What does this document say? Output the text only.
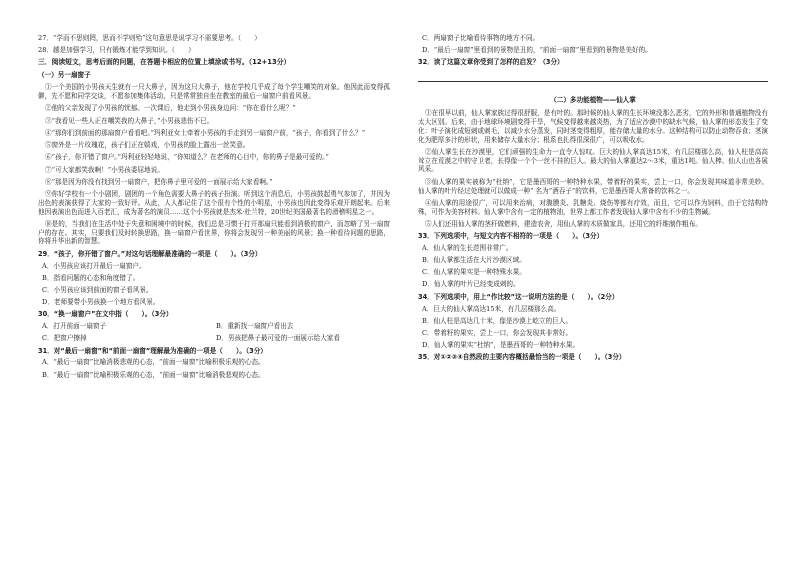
27．“学而不思则罔，思而不学则殆”这句意思是说学习不需要思考。（　　）

28．越是加强学习，只有锻炼才能学到知识。（　　）

三．阅读短文，思考后面的问题，在答题卡相应的位置上填涂或书写。（12+13分）

（一）另一扇窗子

①一个美国的小男孩天生就有一只大鼻子，因为这只大鼻子，他在学校几乎成了每个学生嘲笑的对象。他因此而变得孤僻，先不愿和同学交谈，不愿参加集体活动，只是常常独自坐在教室的最后一扇窗户前看风景。

②他的父亲发现了小男孩的忧郁。一次课后，他走到小男孩身边问：“你在看什么呢？”

③“我看见一些人正在嘲笑我的大鼻子，”小男孩悲伤不已。

④“那你们到前面的那扇窗户看看吧。”玛利亚女士牵着小男孩的手走到另一扇窗户前，“孩子，你看到了什么？”

⑤窗外是一片玫瑰花，孩子们正在嬉戏，小男孩的脸上露出一丝笑意。

⑥“孩子，你开错了窗户。”玛利亚轻轻地说，“你知道么？在老师的心目中，你的鼻子是最可爱的。”

⑦“可大家都笑我啊！”小男孩委屈地说。

⑧“那是因为你没有找到另一扇窗户，把你鼻子里可爱的一面展示给大家看啊。”

⑨你好学校有一个小剧团，剧团的一个角色需要大鼻子的孩子扮演。听到这个消息后，小男孩鼓起勇气参加了，并因为出色的表演获得了大家的一致好评。从此，人人都记住了这个很有个性的小明星，小男孩也因此变得乐观开朗起来。后来他因表演出色而进入百老汇，成为著名的演员……这个小男孩就是杰米·杜兰特，20世纪美国最著名的滑稽明星之一。

⑩是的，当我们在生活中处于失意和困境中的时候，我们总是习惯于打开那扇只能看到消极的窗户，而忽略了另一扇窗户的存在。其实，只要我们及时转换思路，换一扇窗户看世界，你将会发现另一种美丽的风景；换一种看待问题的思路，你将升华出新的智慧。

29．“孩子，你开错了窗户。”对这句话理解最准确的一项是（　　）。（3分）

A．小男孩应该打开最后一扇窗户。

B．指看问题的心态和角度错了。

C．小男孩应该到前面的窗子看风景。

D．老师要带小男孩换一个地方看风景。

30．“换一扇窗户”在文中指（　　）。（3分）

A．打开前面一扇窗子	B．重新找一扇窗户看出去

C．把窗户擦掉	D．男孩把鼻子最可爱的一面展示给大家看

31．对“最后一扇窗”和“前面一扇窗”理解最为准确的一项是（　　）。（3分）

A．“最后一扇窗”比喻消极悲观的心态，“前面一扇窗”比喻积极乐观的心态。

B．“最后一扇窗”比喻积极乐观的心态，“前面一扇窗”比喻消极悲观的心态。

C．两扇窗子比喻看待事物的地方不同。

D．“最后一扇窗”里看到的景物是丑的，“前面一扇窗”里看到的景物是美好的。

32．读了这篇文章你受到了怎样的启发？（3分）

（二）多功能植物——仙人掌

①在很早以前，仙人掌家族过得很舒服，是有叶的。那时候的仙人掌的生长环境没那么恶劣，它的外形和普通植物没有太大区别。后来，由于地球环境剧变得干旱，气候变得越来越炎热，为了适应沙漠中的缺水气候，仙人掌的形态发生了变化：叶子演化成短刺或刺毛，以减少水分蒸发，同时茎变得粗厚，能存储大量的水分。这种结构可以防止动物吞食；茎演化为肥厚多汁的形状，用来储存大量水分；根系也扎得很深很广，可以吸收水。

②仙人掌生长在沙漠里，它们顽强的生命力一直令人惊叹。巨大的仙人掌高达15米，有几层楼那么高，仙人柱是高高耸立在荒漠之中的守卫者，长得像一个个一丝不挂的巨人。最大的仙人掌重达2～3米，重达1吨。仙人棒、仙人山也各展风采。

③仙人掌的果实被称为“杜纳”，它是墨西哥的一种特种水果，带着籽的果实，尝上一口，你会发现其味道非常美妙。仙人掌的叶片经过处理就可以做成一种“ 名为“酒吞子”的饮料，它是墨西哥人常备的饮料之一。

④仙人掌的用途很广，可以用来治病，对腹膜炎、乳糖炎、烧伤等都有疗效，而且，它可以作为饲料，由于它结构特殊，可作为美容材料。仙人掌中含有一定的植物油，世界上都工作者发现仙人掌中含有不少的生物碱。

⑤人们还用仙人掌的茎秆做燃料，建造农舍，用仙人掌的木质做家具，还用它的纤维制作粗布。

33．下列选项中，与短文内容不相符的一项是（　　）。（3分）

A．仙人掌的生长范围非常广。

B．仙人掌都生活在大片沙漠区域。

C．仙人掌的果实是一种特殊水果。

D．仙人掌的叶片已经变成刺的。

34．下列选项中，用上“作比较”这一说明方法的是（　　）。（2分）

A．巨大的仙人掌高达15米，有几层楼那么高。

B．仙人柱是高达几十米，像是沙漠上屹立的巨人。

C．带着籽的果实，尝上一口，你会发现其非常好。

D．仙人掌的果实“杜纳”，是墨西哥的一种特种水果。

35．对①②③④自然段的主要内容概括最恰当的一项是（　　）。（3分）
